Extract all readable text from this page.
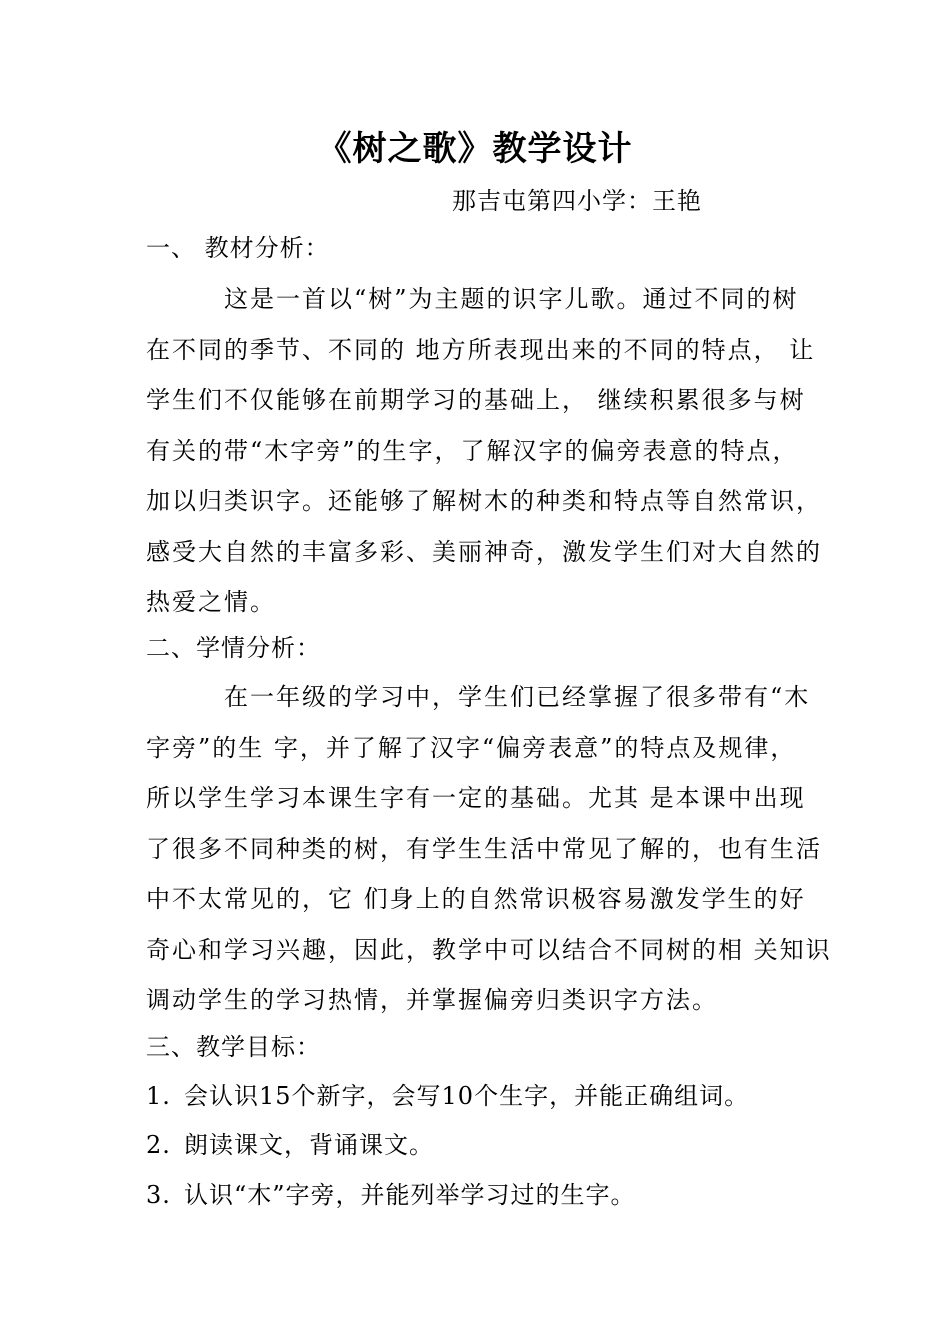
《树之歌》教学设计
那吉屯第四小学：王艳
一、 教材分析：
这是一首以“树”为主题的识字儿歌。通过不同的树
在不同的季节、不同的 地方所表现出来的不同的特点， 让
学生们不仅能够在前期学习的基础上， 继续积累很多与树
有关的带“木字旁”的生字，了解汉字的偏旁表意的特点，
加以归类识字。还能够了解树木的种类和特点等自然常识，
感受大自然的丰富多彩、美丽神奇，激发学生们对大自然的
热爱之情。
二、学情分析：
在一年级的学习中，学生们已经掌握了很多带有“木
字旁”的生 字，并了解了汉字“偏旁表意”的特点及规律，
所以学生学习本课生字有一定的基础。尤其 是本课中出现
了很多不同种类的树，有学生生活中常见了解的，也有生活
中不太常见的，它 们身上的自然常识极容易激发学生的好
奇心和学习兴趣，因此，教学中可以结合不同树的相 关知识
调动学生的学习热情，并掌握偏旁归类识字方法。
三、教学目标：
1. 会认识15个新字，会写10个生字，并能正确组词。
2. 朗读课文，背诵课文。
3. 认识“木”字旁，并能列举学习过的生字。
